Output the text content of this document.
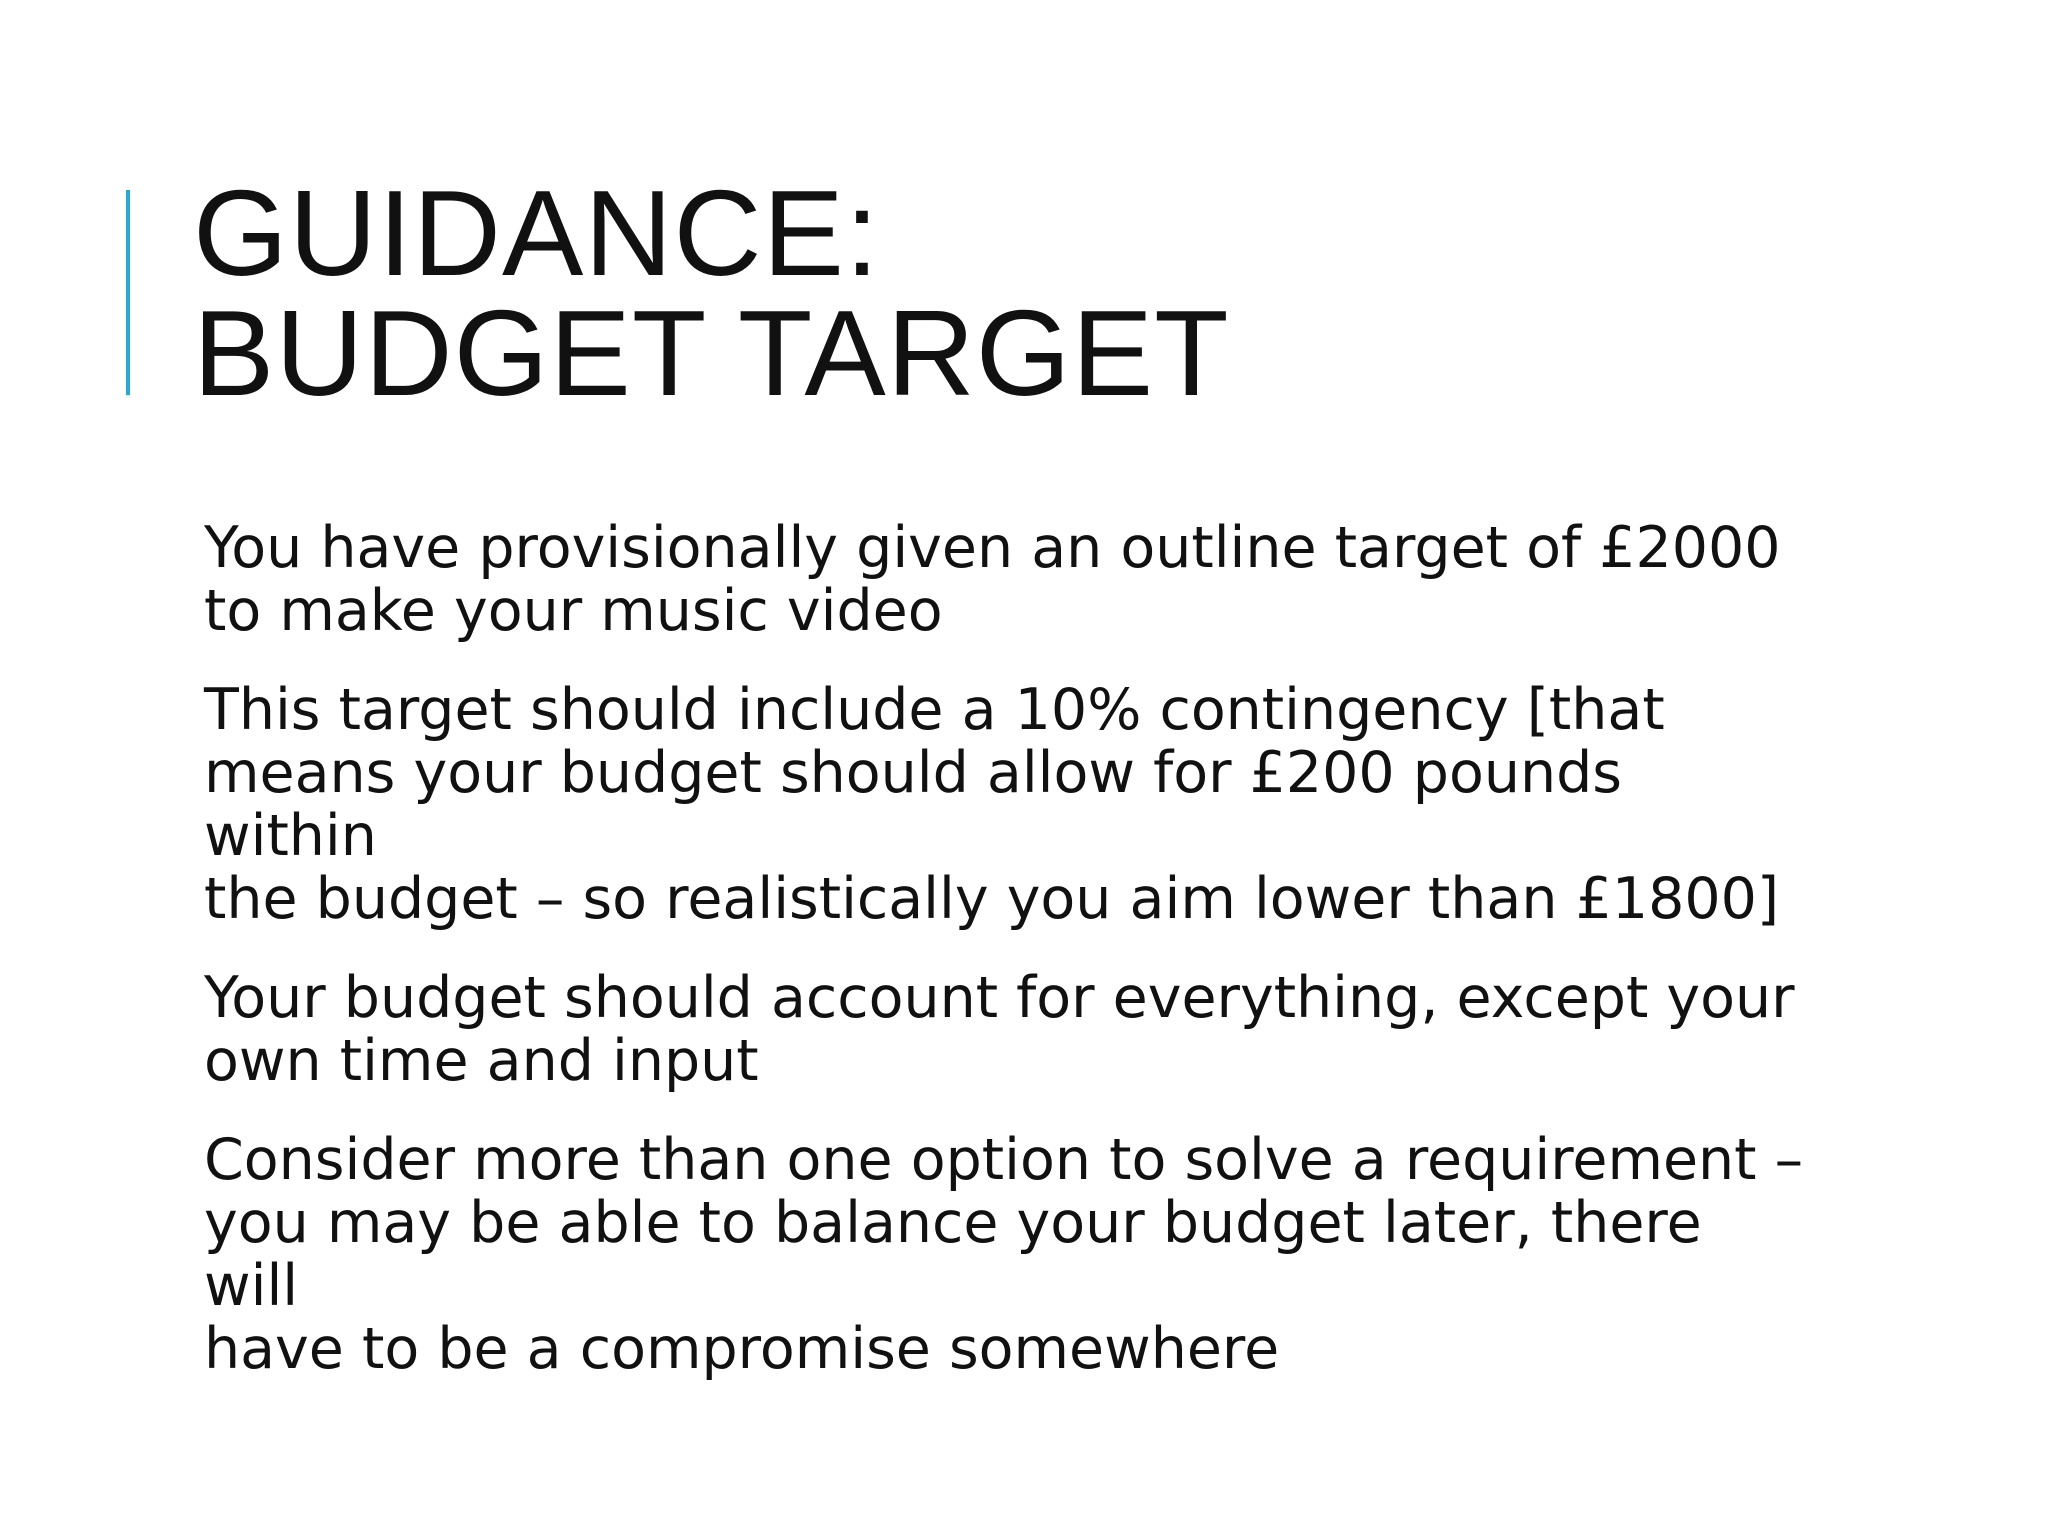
GUIDANCE:
BUDGET TARGET

You have provisionally given an outline target of £2000
to make your music video

This target should include a 10% contingency [that
means your budget should allow for £200 pounds within
the budget – so realistically you aim lower than £1800]

Your budget should account for everything, except your
own time and input

Consider more than one option to solve a requirement –
you may be able to balance your budget later, there will
have to be a compromise somewhere
